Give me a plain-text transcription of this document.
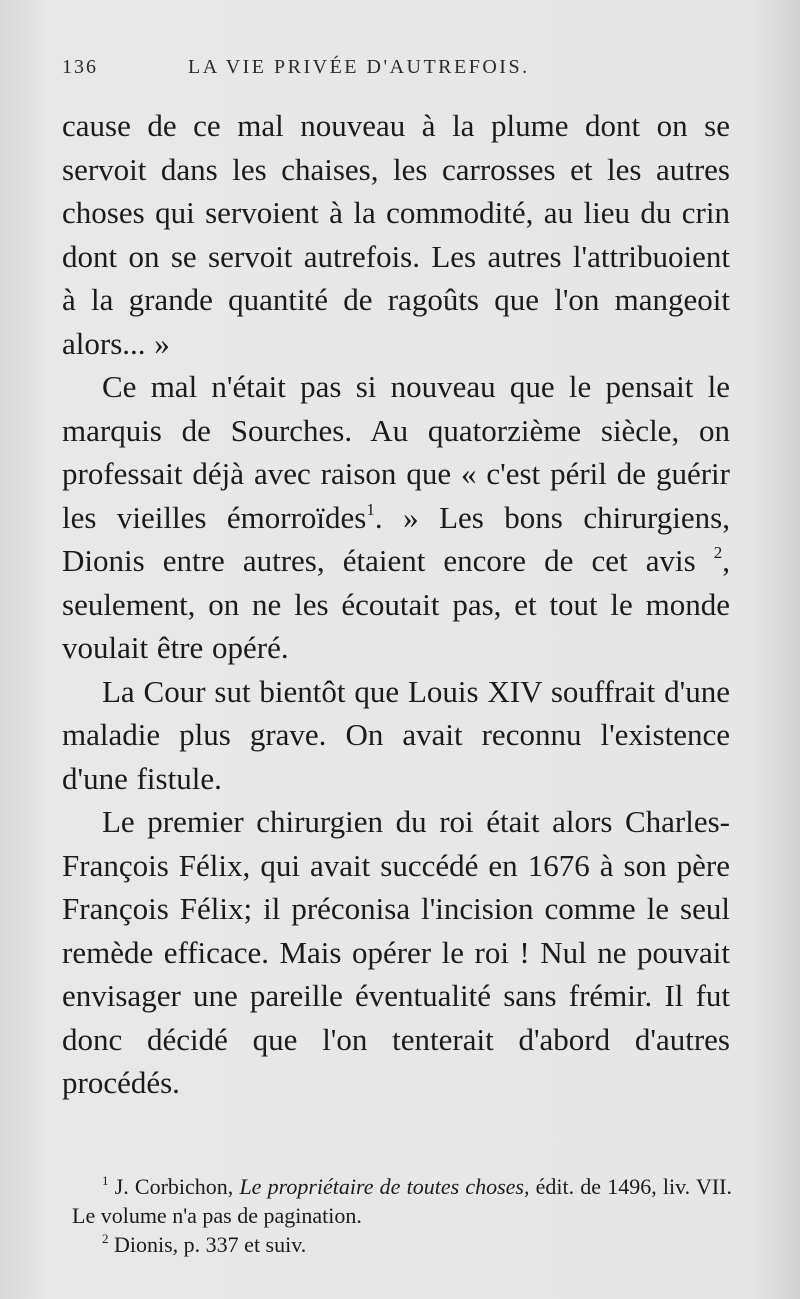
136	LA VIE PRIVÉE D'AUTREFOIS.

cause de ce mal nouveau à la plume dont on se servoit dans les chaises, les carrosses et les autres choses qui servoient à la commodité, au lieu du crin dont on se servoit autrefois. Les autres l'attribuoient à la grande quantité de ragoûts que l'on mangeoit alors... »

Ce mal n'était pas si nouveau que le pensait le marquis de Sourches. Au quatorzième siècle, on professait déjà avec raison que « c'est péril de guérir les vieilles émorroïdes$^1$. » Les bons chirurgiens, Dionis entre autres, étaient encore de cet avis $^2$, seulement, on ne les écoutait pas, et tout le monde voulait être opéré.

La Cour sut bientôt que Louis XIV souffrait d'une maladie plus grave. On avait reconnu l'existence d'une fistule.

Le premier chirurgien du roi était alors Charles-François Félix, qui avait succédé en 1676 à son père François Félix; il préconisa l'incision comme le seul remède efficace. Mais opérer le roi ! Nul ne pouvait envisager une pareille éventualité sans frémir. Il fut donc décidé que l'on tenterait d'abord d'autres procédés.

$^1$ J. Corbichon, Le propriétaire de toutes choses, édit. de 1496, liv. VII. Le volume n'a pas de pagination.

$^2$ Dionis, p. 337 et suiv.
